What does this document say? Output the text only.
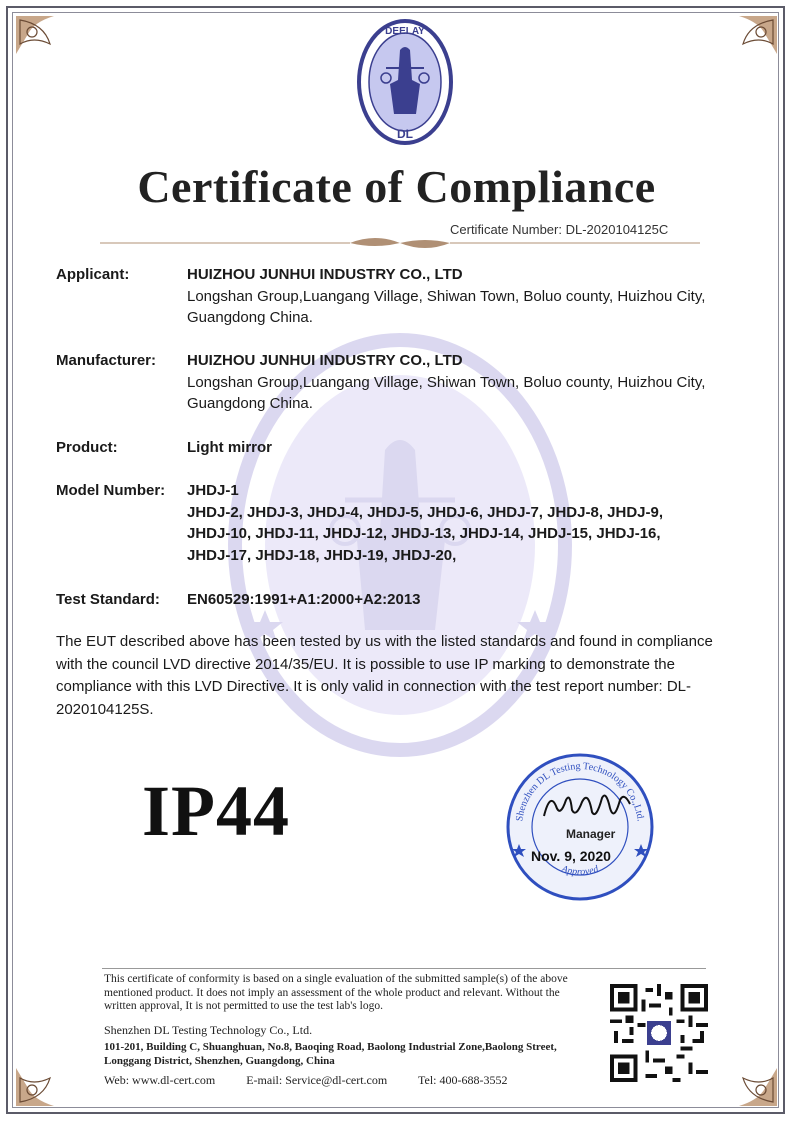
DEELAY
DL
Certificate of Compliance
Certificate Number: DL-2020104125C
Applicant:	HUIZHOU JUNHUI INDUSTRY CO., LTD
Longshan Group,Luangang Village, Shiwan Town, Boluo county, Huizhou City, Guangdong China.
Manufacturer:	HUIZHOU JUNHUI INDUSTRY CO., LTD
Longshan Group,Luangang Village, Shiwan Town, Boluo county, Huizhou City, Guangdong China.
Product:	Light mirror
Model Number:	JHDJ-1
JHDJ-2, JHDJ-3, JHDJ-4, JHDJ-5, JHDJ-6, JHDJ-7, JHDJ-8, JHDJ-9,
JHDJ-10, JHDJ-11, JHDJ-12, JHDJ-13, JHDJ-14, JHDJ-15, JHDJ-16,
JHDJ-17, JHDJ-18, JHDJ-19, JHDJ-20,
Test Standard:	EN60529:1991+A1:2000+A2:2013
The EUT described above has been tested by us with the listed standards and found in compliance with the council LVD directive 2014/35/EU. It is possible to use IP marking to demonstrate the compliance with this LVD Directive. It is only valid in connection with the test report number: DL-2020104125S.
IP44	Shenzhen DL Testing Technology Co.,Ltd.
Approved
Manager
Nov. 9, 2020
This certificate of conformity is based on a single evaluation of the submitted sample(s) of the above mentioned product. It does not imply an assessment of the whole product and relevant. Without the written approval, It is not permitted to use the test lab's logo.
Shenzhen DL Testing Technology Co., Ltd.
101-201, Building C, Shuanghuan, No.8, Baoqing Road, Baolong Industrial Zone,Baolong Street, Longgang District, Shenzhen, Guangdong, China
Web: www.dl-cert.com	E-mail: Service@dl-cert.com	Tel: 400-688-3552
